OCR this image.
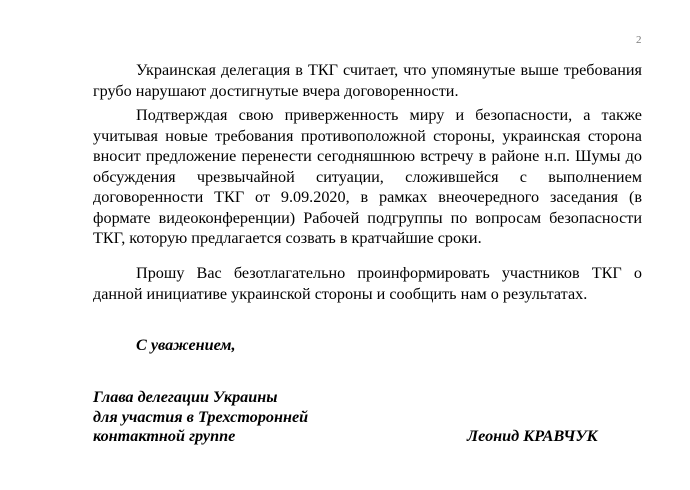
2

Украинская делегация в ТКГ считает, что упомянутые выше требования грубо нарушают достигнутые вчера договоренности.

Подтверждая свою приверженность миру и безопасности, а также учитывая новые требования противоположной стороны, украинская сторона вносит предложение перенести сегодняшнюю встречу в районе н.п. Шумы до обсуждения чрезвычайной ситуации, сложившейся с выполнением договоренности ТКГ от 9.09.2020, в рамках внеочередного заседания (в формате видеоконференции) Рабочей подгруппы по вопросам безопасности ТКГ, которую предлагается созвать в кратчайшие сроки.

Прошу Вас безотлагательно проинформировать участников ТКГ о данной инициативе украинской стороны и сообщить нам о результатах.

С уважением,
Глава делегации Украины
для участия в Трехсторонней
контактной группе	Леонид КРАВЧУК
